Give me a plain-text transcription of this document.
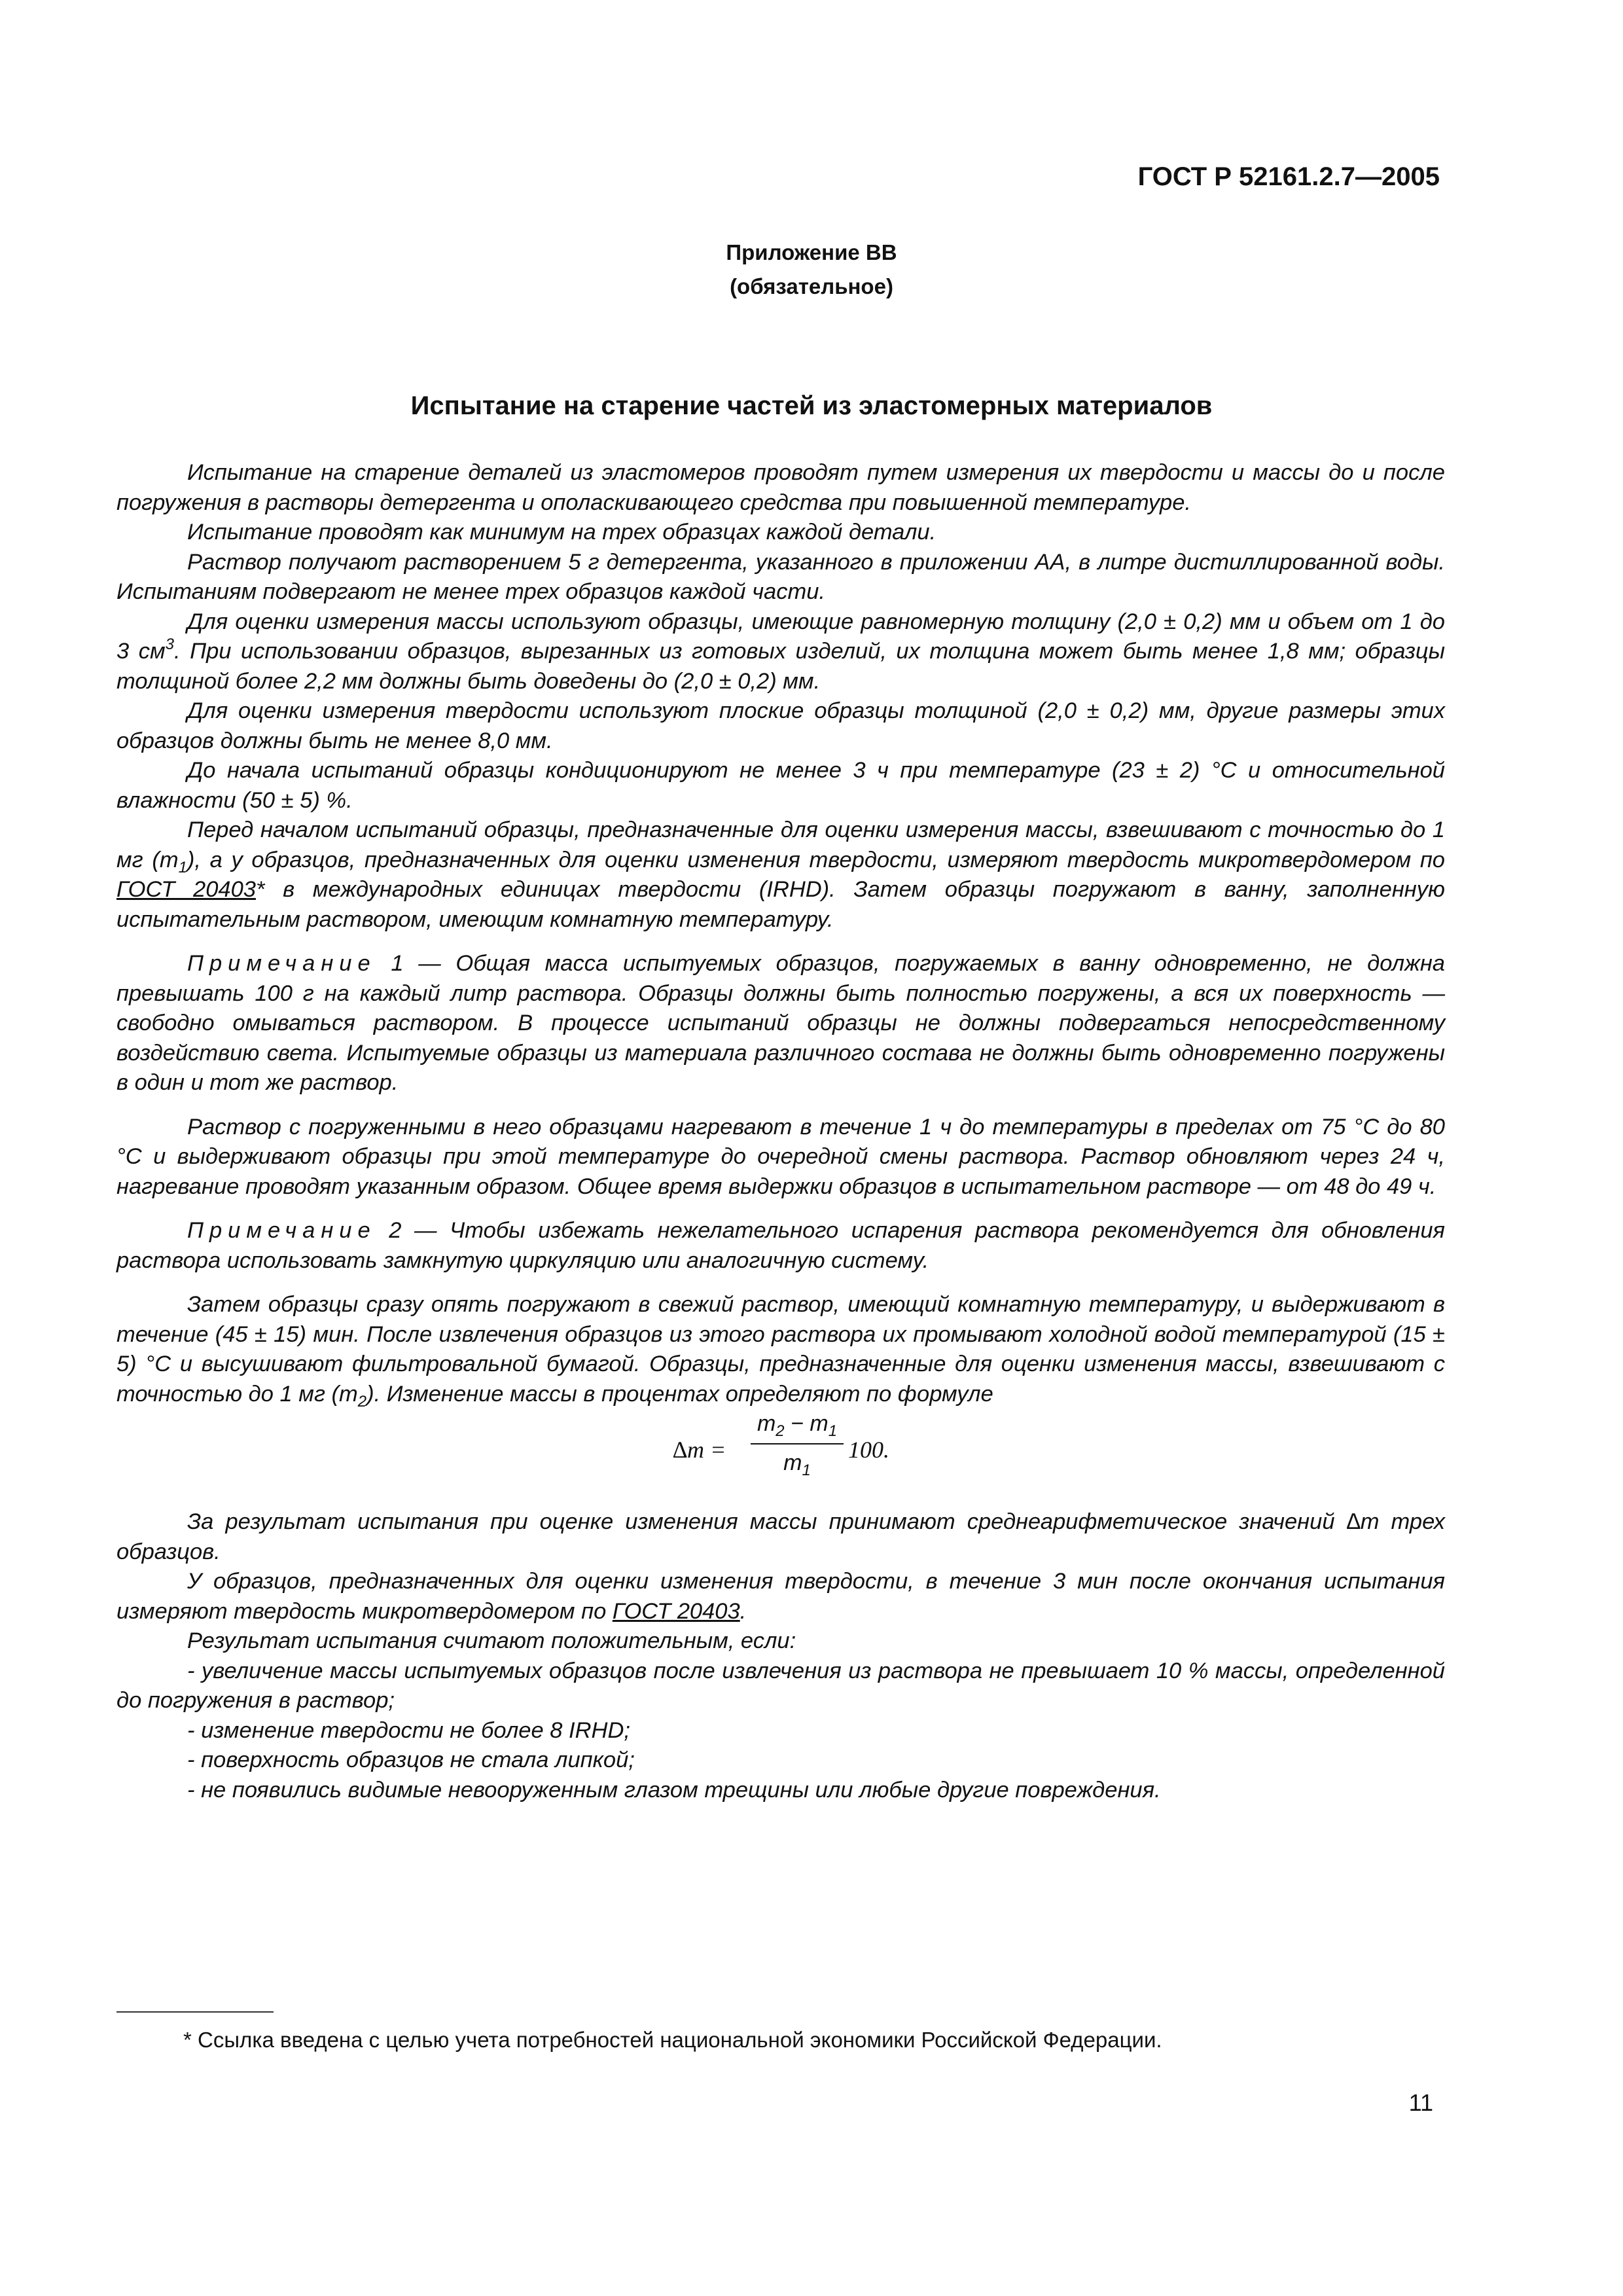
ГОСТ Р 52161.2.7—2005
Приложение ВВ
(обязательное)
Испытание на старение частей из эластомерных материалов

Испытание на старение деталей из эластомеров проводят путем измерения их твердости и массы до и после погружения в растворы детергента и ополаскивающего средства при повышенной температуре.

Испытание проводят как минимум на трех образцах каждой детали.

Раствор получают растворением 5 г детергента, указанного в приложении АА, в литре дистиллированной воды. Испытаниям подвергают не менее трех образцов каждой части.

Для оценки измерения массы используют образцы, имеющие равномерную толщину (2,0 ± 0,2) мм и объем от 1 до 3 $см^3$. При использовании образцов, вырезанных из готовых изделий, их толщина может быть менее 1,8 мм; образцы толщиной более 2,2 мм должны быть доведены до (2,0 ± 0,2) мм.

Для оценки измерения твердости используют плоские образцы толщиной (2,0 ± 0,2) мм, другие размеры этих образцов должны быть не менее 8,0 мм.

До начала испытаний образцы кондиционируют не менее 3 ч при температуре (23 ± 2) °С и относительной влажности (50 ± 5) %.

Перед началом испытаний образцы, предназначенные для оценки измерения массы, взвешивают с точностью до 1 мг $(m_1)$, а у образцов, предназначенных для оценки изменения твердости, измеряют твердость микротвердомером по ГОСТ 20403* в международных единицах твердости (IRHD). Затем образцы погружают в ванну, заполненную испытательным раствором, имеющим комнатную температуру.

Примечание 1 — Общая масса испытуемых образцов, погружаемых в ванну одновременно, не должна превышать 100 г на каждый литр раствора. Образцы должны быть полностью погружены, а вся их поверхность — свободно омываться раствором. В процессе испытаний образцы не должны подвергаться непосредственному воздействию света. Испытуемые образцы из материала различного состава не должны быть одновременно погружены в один и тот же раствор.

Раствор с погруженными в него образцами нагревают в течение 1 ч до температуры в пределах от 75 °С до 80 °С и выдерживают образцы при этой температуре до очередной смены раствора. Раствор обновляют через 24 ч, нагревание проводят указанным образом. Общее время выдержки образцов в испытательном растворе — от 48 до 49 ч.

Примечание 2 — Чтобы избежать нежелательного испарения раствора рекомендуется для обновления раствора использовать замкнутую циркуляцию или аналогичную систему.

Затем образцы сразу опять погружают в свежий раствор, имеющий комнатную температуру, и выдерживают в течение (45 ± 15) мин. После извлечения образцов из этого раствора их промывают холодной водой температурой (15 ± 5) °С и высушивают фильтровальной бумагой. Образцы, предназначенные для оценки изменения массы, взвешивают с точностью до 1 мг $(m_2)$. Изменение массы в процентах определяют по формуле

∆m =
$m_2 - m_1$
$m_1$
100.

За результат испытания при оценке изменения массы принимают среднеарифметическое значений ∆m трех образцов.

У образцов, предназначенных для оценки изменения твердости, в течение 3 мин после окончания испытания измеряют твердость микротвердомером по ГОСТ 20403.

Результат испытания считают положительным, если:

- увеличение массы испытуемых образцов после извлечения из раствора не превышает 10 % массы, определенной до погружения в раствор;

- изменение твердости не более 8 IRHD;

- поверхность образцов не стала липкой;

- не появились видимые невооруженным глазом трещины или любые другие повреждения.

* Ссылка введена с целью учета потребностей национальной экономики Российской Федерации.
11
